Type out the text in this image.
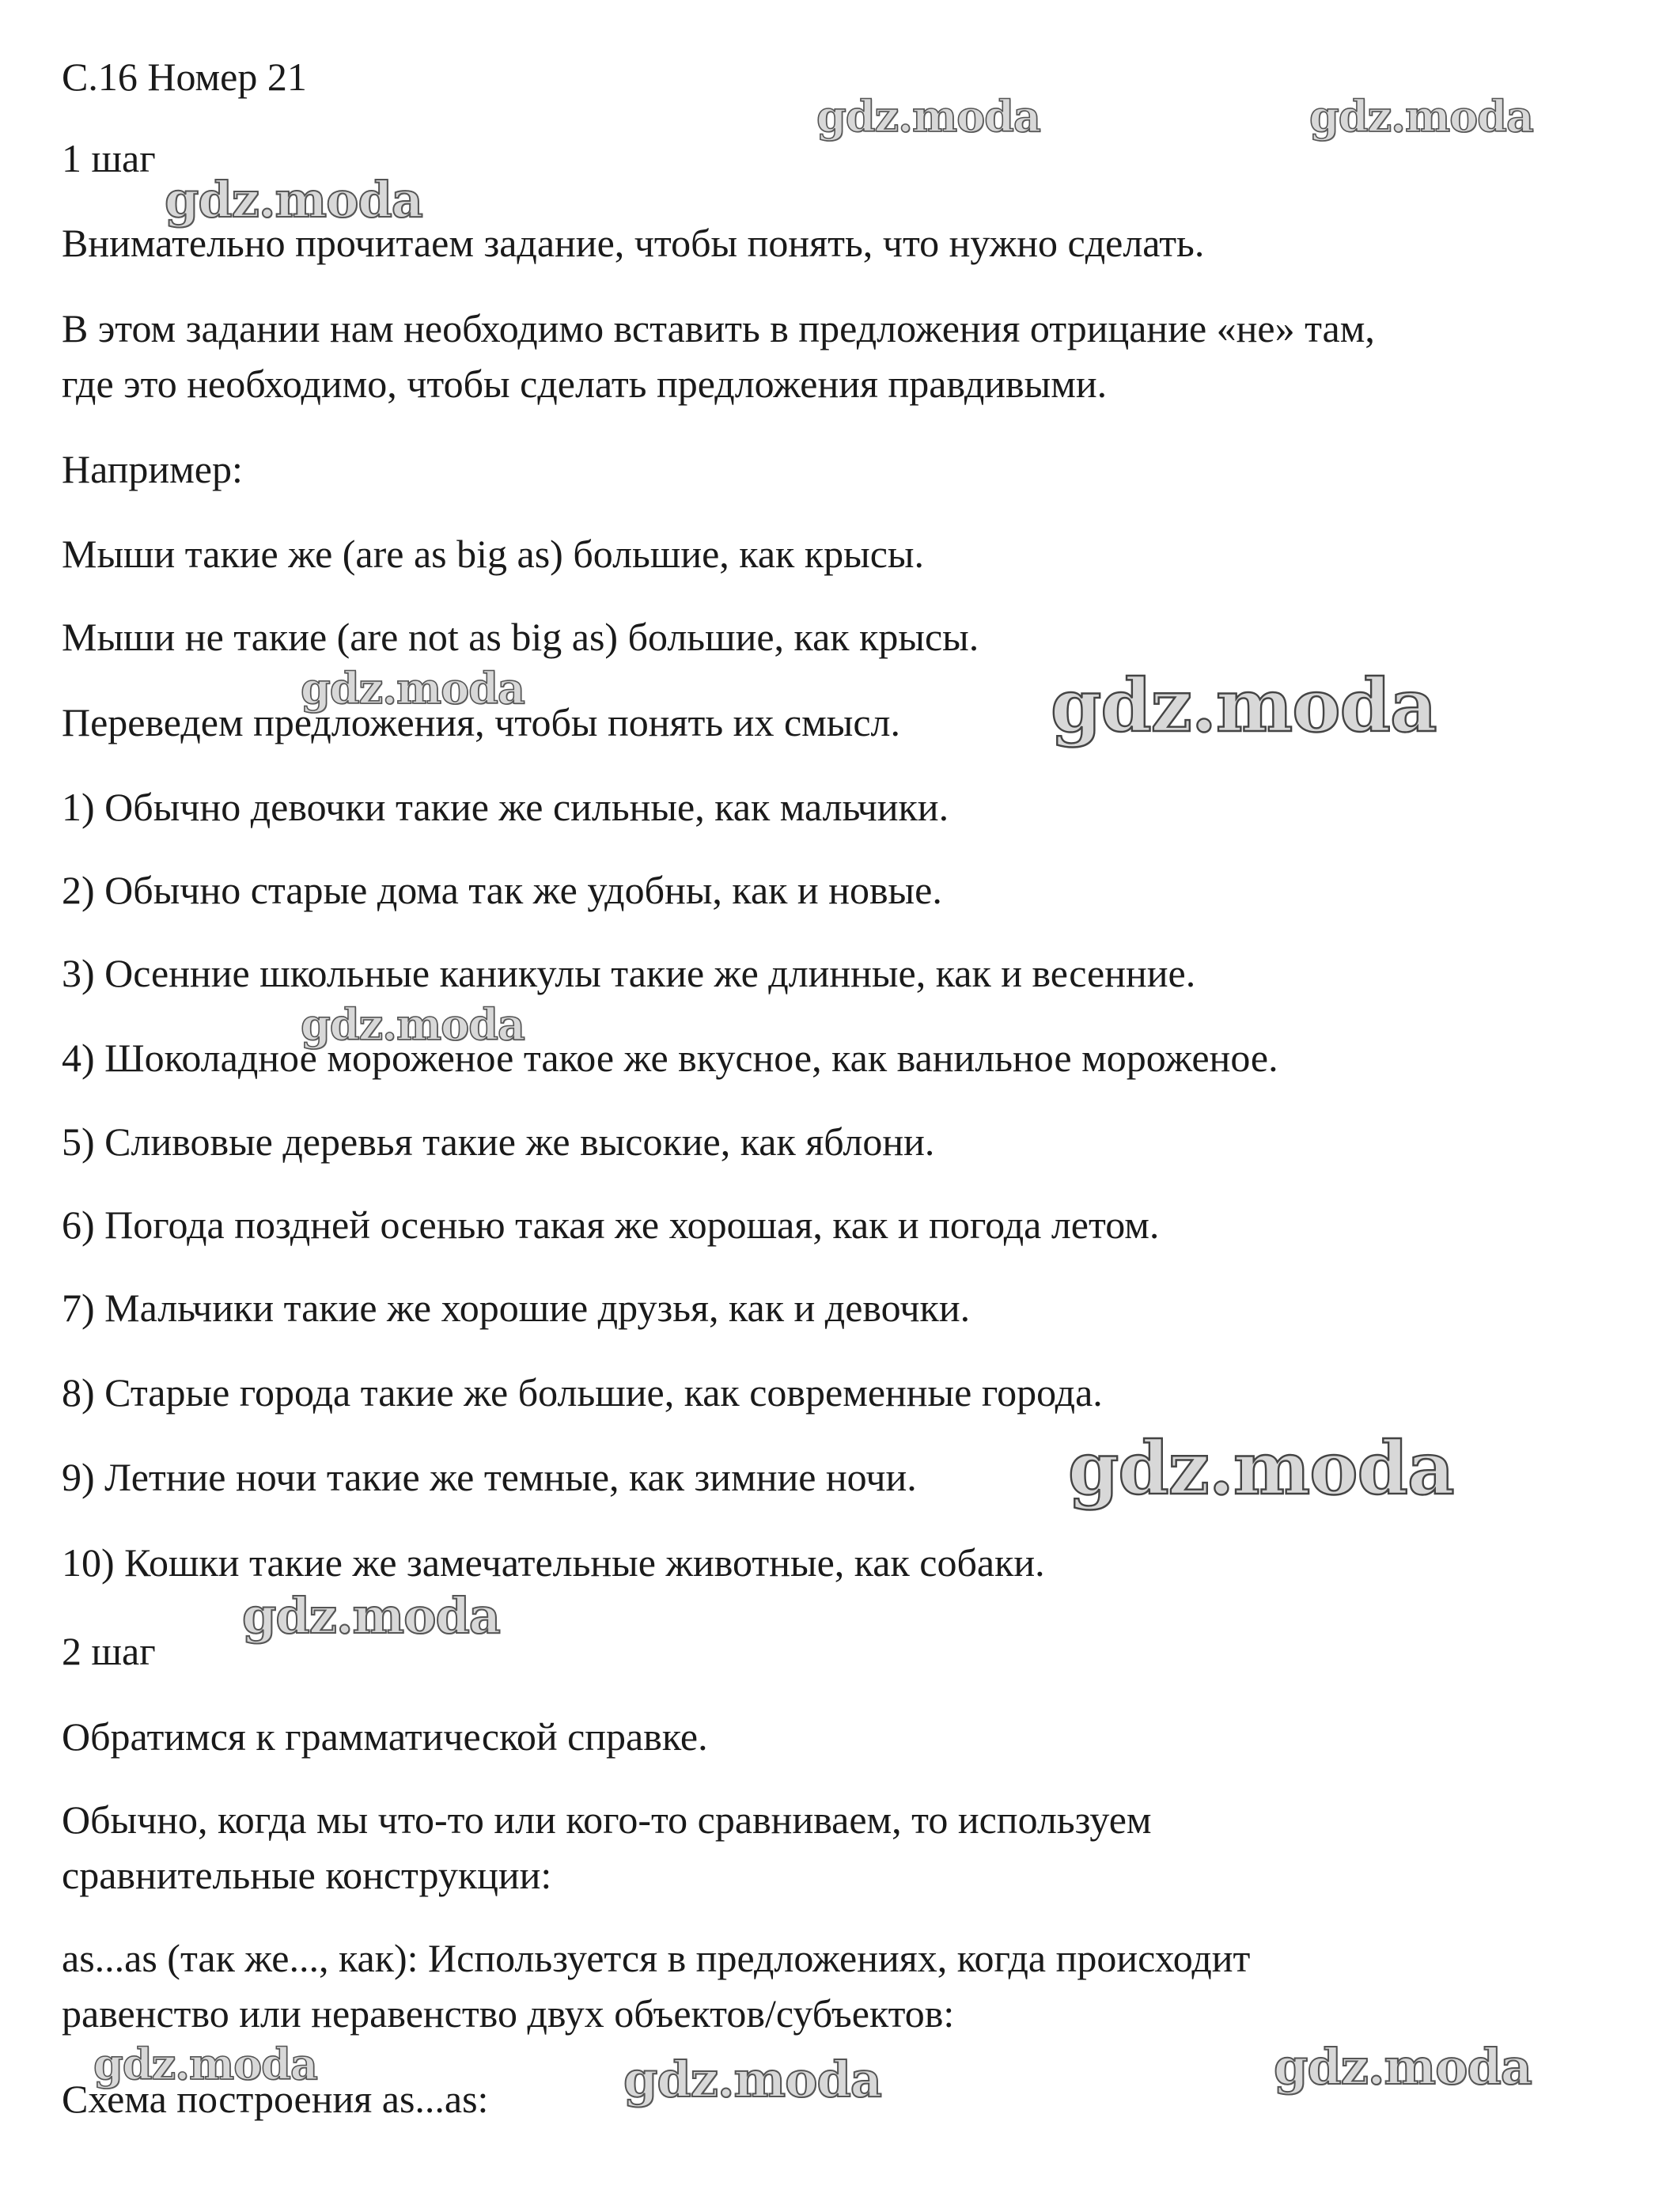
С.16 Номер 21
1 шаг
Внимательно прочитаем задание, чтобы понять, что нужно сделать.
В этом задании нам необходимо вставить в предложения отрицание «не» там,
где это необходимо, чтобы сделать предложения правдивыми.
Например:
Мыши такие же (are as big as) большие, как крысы.
Мыши не такие (are not as big as) большие, как крысы.
Переведем предложения, чтобы понять их смысл.
1) Обычно девочки такие же сильные, как мальчики.
2) Обычно старые дома так же удобны, как и новые.
3) Осенние школьные каникулы такие же длинные, как и весенние.
4) Шоколадное мороженое такое же вкусное, как ванильное мороженое.
5) Сливовые деревья такие же высокие, как яблони.
6) Погода поздней осенью такая же хорошая, как и погода летом.
7) Мальчики такие же хорошие друзья, как и девочки.
8) Старые города такие же большие, как современные города.
9) Летние ночи такие же темные, как зимние ночи.
10) Кошки такие же замечательные животные, как собаки.
2 шаг
Обратимся к грамматической справке.
Обычно, когда мы что-то или кого-то сравниваем, то используем
сравнительные конструкции:
as...as (так же..., как): Используется в предложениях, когда происходит
равенство или неравенство двух объектов/субъектов:
Схема построения as...as:
gdz.moda	gdz.moda
gdz.moda
gdz.moda	gdz.moda
gdz.moda
gdz.moda
gdz.moda
gdz.moda	gdz.moda	gdz.moda
